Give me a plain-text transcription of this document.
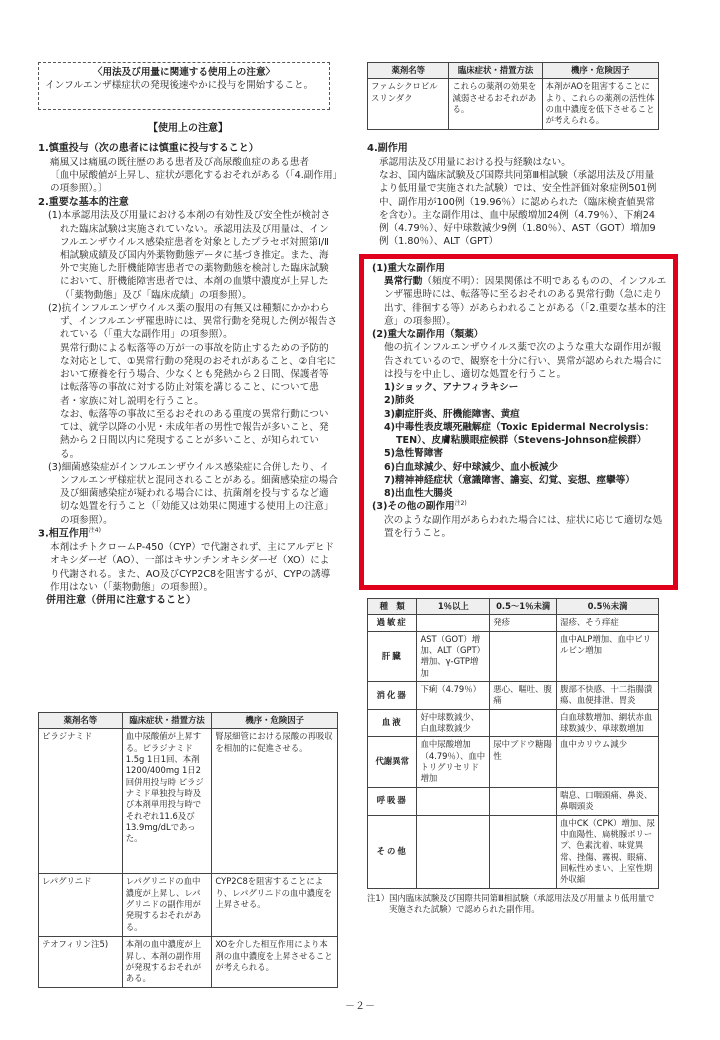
〈用法及び用量に関連する使用上の注意〉

インフルエンザ様症状の発現後速やかに投与を開始すること。

【使用上の注意】

1.慎重投与（次の患者には慎重に投与すること）

痛風又は痛風の既往歴のある患者及び高尿酸血症のある患者

〔血中尿酸値が上昇し、症状が悪化するおそれがある（「4.副作用」の項参照）。〕

2.重要な基本的注意

(1)本承認用法及び用量における本剤の有効性及び安全性が検討された臨床試験は実施されていない。承認用法及び用量は、インフルエンザウイルス感染症患者を対象としたプラセボ対照第Ⅰ/Ⅱ相試験成績及び国内外薬物動態データに基づき推定。また、海外で実施した肝機能障害患者での薬物動態を検討した臨床試験において、肝機能障害患者では、本剤の血漿中濃度が上昇した（「薬物動態」及び「臨床成績」の項参照）。

(2)抗インフルエンザウイルス薬の服用の有無又は種類にかかわらず、インフルエンザ罹患時には、異常行動を発現した例が報告されている（「重大な副作用」の項参照）。

異常行動による転落等の万が一の事故を防止するための予防的な対応として、①異常行動の発現のおそれがあること、②自宅において療養を行う場合、少なくとも発熱から２日間、保護者等は転落等の事故に対する防止対策を講じること、について患者・家族に対し説明を行うこと。

なお、転落等の事故に至るおそれのある重度の異常行動については、就学以降の小児・未成年者の男性で報告が多いこと、発熱から２日間以内に発現することが多いこと、が知られている。

(3)細菌感染症がインフルエンザウイルス感染症に合併したり、インフルエンザ様症状と混同されることがある。細菌感染症の場合及び細菌感染症が疑われる場合には、抗菌剤を投与するなど適切な処置を行うこと（「効能又は効果に関連する使用上の注意」の項参照）。

3.相互作用$^{注4)}$

本剤はチトクロームP-450（CYP）で代謝されず、主にアルデヒドオキシダーゼ（AO）、一部はキサンチンオキシダーゼ（XO）により代謝される。また、AO及びCYP2C8を阻害するが、CYPの誘導作用はない（「薬物動態」の項参照）。

併用注意（併用に注意すること）

薬剤名等	臨床症状・措置方法	機序・危険因子
ピラジナミド	血中尿酸値が上昇する。ピラジナミド1.5g 1日1回、本剤1200/400mg 1日2回併用投与時 ピラジナミド単独投与時及び本剤単用投与時でそれぞれ11.6及び13.9mg/dLであった。	腎尿細管における尿酸の再吸収を相加的に促進させる。
レパグリニド	レパグリニドの血中濃度が上昇し、レパグリニドの副作用が発現するおそれがある。	CYP2C8を阻害することにより、レパグリニドの血中濃度を上昇させる。
テオフィリン注5)	本剤の血中濃度が上昇し、本剤の副作用が発現するおそれがある。	XOを介した相互作用により本剤の血中濃度を上昇させることが考えられる。
薬剤名等	臨床症状・措置方法	機序・危険因子
ファムシクロビル スリンダク	これらの薬剤の効果を減弱させるおそれがある。	本剤がAOを阻害することにより、これらの薬剤の活性体の血中濃度を低下させることが考えられる。

4.副作用

承認用法及び用量における投与経験はない。

なお、国内臨床試験及び国際共同第Ⅲ相試験（承認用法及び用量より低用量で実施された試験）では、安全性評価対象症例501例中、副作用が100例（19.96％）に認められた（臨床検査値異常を含む）。主な副作用は、血中尿酸増加24例（4.79％）、下痢24例（4.79％）、好中球数減少9例（1.80％）、AST（GOT）増加9例（1.80％）、ALT（GPT）

(1)重大な副作用

異常行動（頻度不明）：因果関係は不明であるものの、インフルエンザ罹患時には、転落等に至るおそれのある異常行動（急に走り出す、徘徊する等）があらわれることがある（「2.重要な基本的注意」の項参照）。

(2)重大な副作用（類薬）

他の抗インフルエンザウイルス薬で次のような重大な副作用が報告されているので、観察を十分に行い、異常が認められた場合には投与を中止し、適切な処置を行うこと。

1)ショック、アナフィラキシー

2)肺炎

3)劇症肝炎、肝機能障害、黄疸

4)中毒性表皮壊死融解症（Toxic Epidermal Necrolysis：TEN）、皮膚粘膜眼症候群（Stevens-Johnson症候群）

5)急性腎障害

6)白血球減少、好中球減少、血小板減少

7)精神神経症状（意識障害、譫妄、幻覚、妄想、痙攣等）

8)出血性大腸炎

(3)その他の副作用$^{注2)}$

次のような副作用があらわれた場合には、症状に応じて適切な処置を行うこと。

種　類	1％以上	0.5～1％未満	0.5％未満
過敏症		発疹	湿疹、そう痒症
肝臓	AST（GOT）増加、ALT（GPT）増加、γ-GTP増加		血中ALP増加、血中ビリルビン増加
消化器	下痢（4.79％）	悪心、嘔吐、腹痛	腹部不快感、十二指腸潰瘍、血便排泄、胃炎
血液	好中球数減少、白血球数減少		白血球数増加、網状赤血球数減少、単球数増加
代謝異常	血中尿酸増加（4.79％）、血中トリグリセリド増加	尿中ブドウ糖陽性	血中カリウム減少
呼吸器			喘息、口咽頭痛、鼻炎、鼻咽頭炎
その他			血中CK（CPK）増加、尿中血陽性、扁桃腺ポリープ、色素沈着、味覚異常、挫傷、霧視、眼痛、回転性めまい、上室性期外収縮

注1）国内臨床試験及び国際共同第Ⅲ相試験（承認用法及び用量より低用量で実施された試験）で認められた副作用。

－２－
